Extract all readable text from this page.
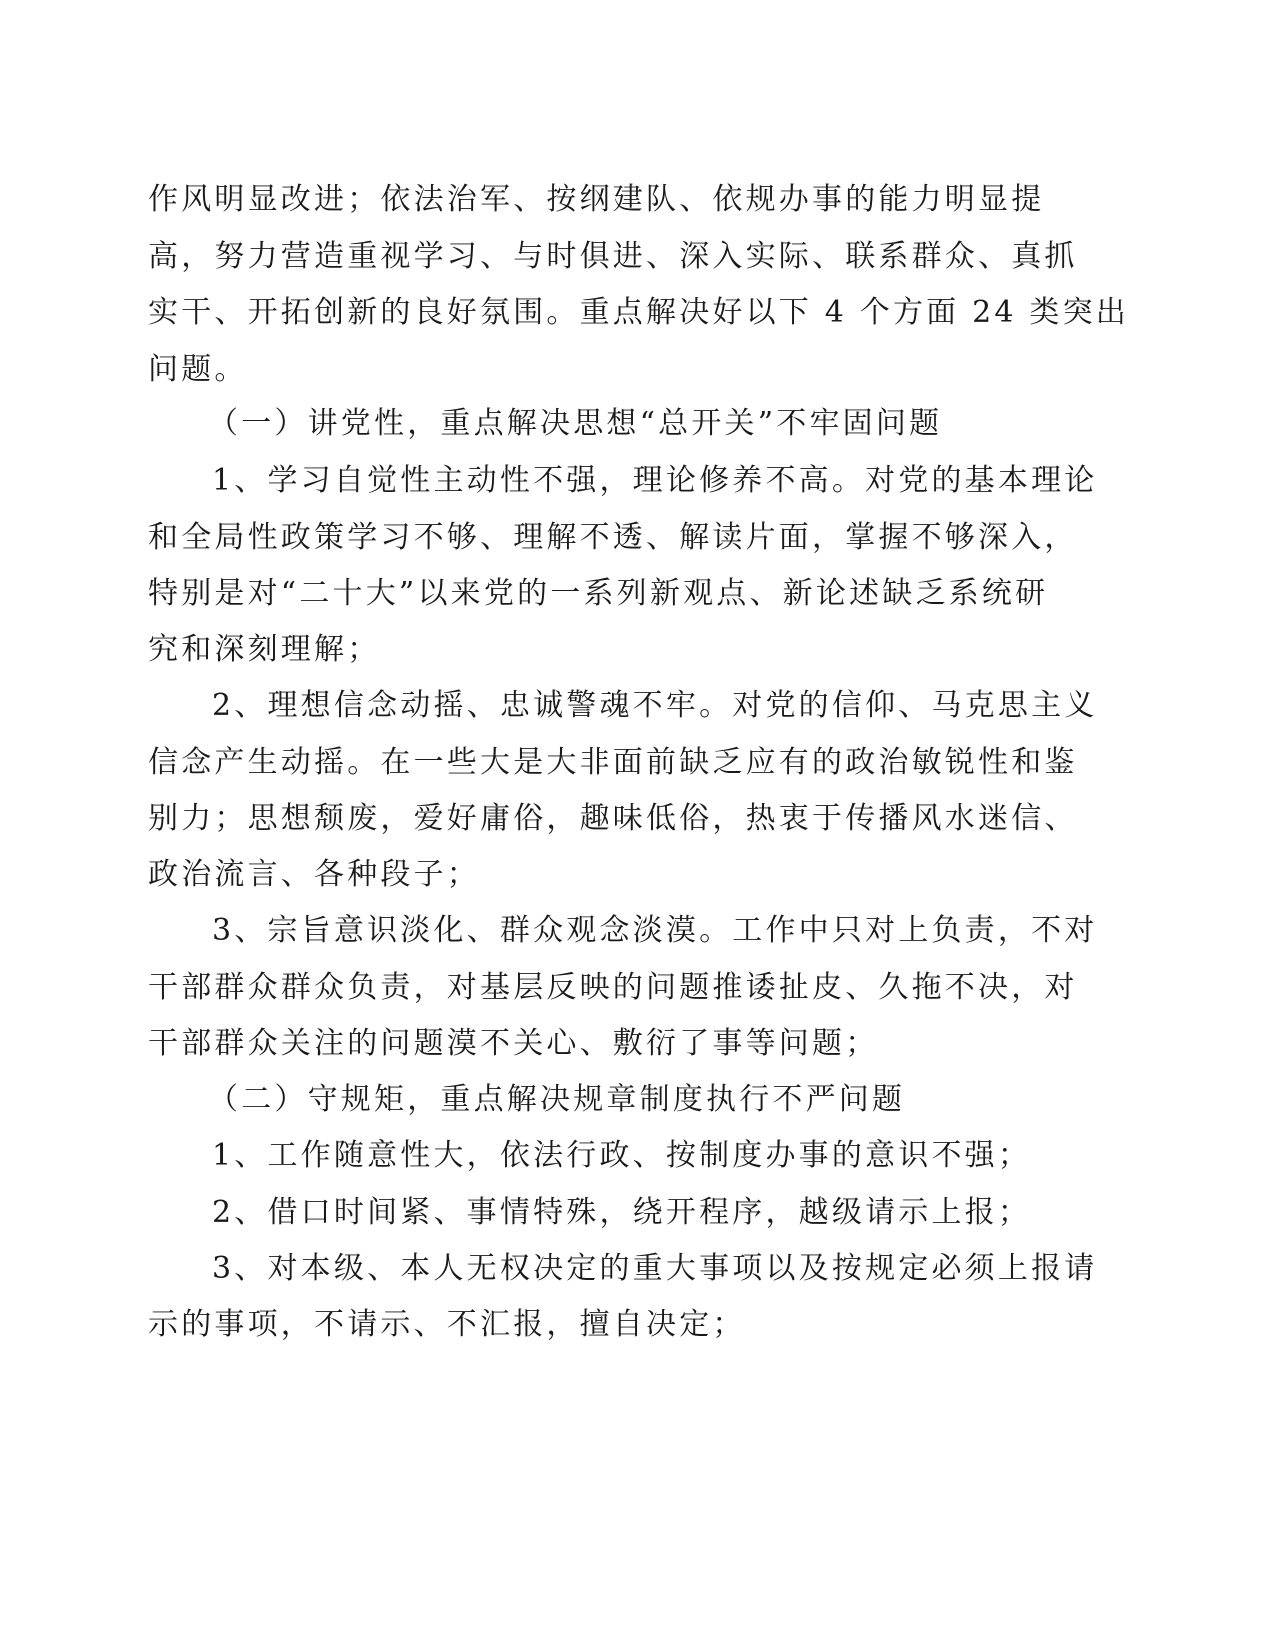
作风明显改进；依法治军、按纲建队、依规办事的能力明显提
高，努力营造重视学习、与时俱进、深入实际、联系群众、真抓
实干、开拓创新的良好氛围。重点解决好以下 4 个方面 24 类突出
问题。
（一）讲党性，重点解决思想“总开关”不牢固问题
1、学习自觉性主动性不强，理论修养不高。对党的基本理论
和全局性政策学习不够、理解不透、解读片面，掌握不够深入，
特别是对“二十大”以来党的一系列新观点、新论述缺乏系统研
究和深刻理解；
2、理想信念动摇、忠诚警魂不牢。对党的信仰、马克思主义
信念产生动摇。在一些大是大非面前缺乏应有的政治敏锐性和鉴
别力；思想颓废，爱好庸俗，趣味低俗，热衷于传播风水迷信、
政治流言、各种段子；
3、宗旨意识淡化、群众观念淡漠。工作中只对上负责，不对
干部群众群众负责，对基层反映的问题推诿扯皮、久拖不决，对
干部群众关注的问题漠不关心、敷衍了事等问题；
（二）守规矩，重点解决规章制度执行不严问题
1、工作随意性大，依法行政、按制度办事的意识不强；
2、借口时间紧、事情特殊，绕开程序，越级请示上报；
3、对本级、本人无权决定的重大事项以及按规定必须上报请
示的事项，不请示、不汇报，擅自决定；
